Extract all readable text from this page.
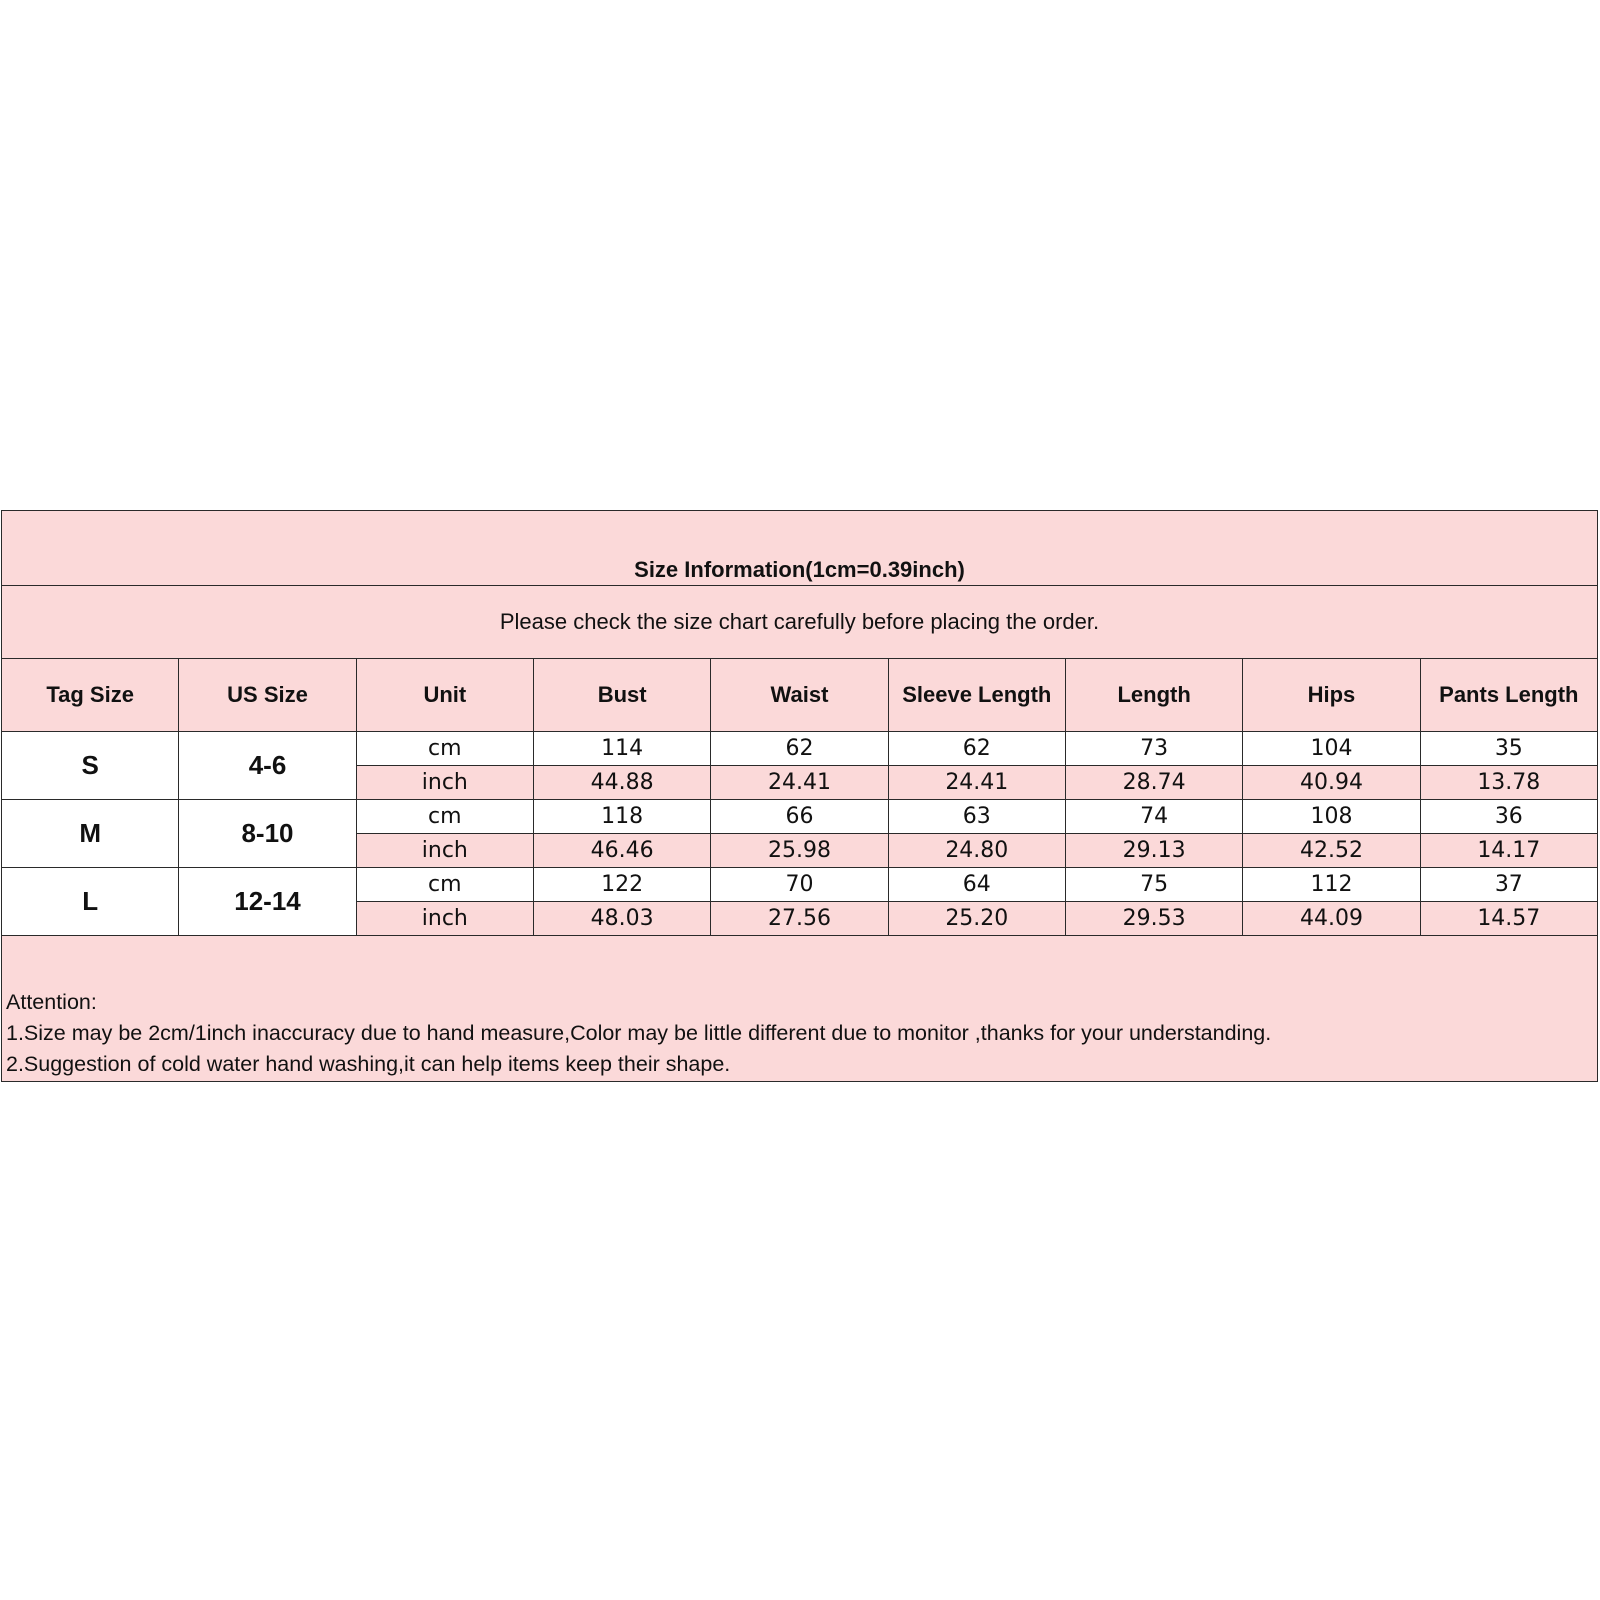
Size Information(1cm=0.39inch)								
Please check the size chart carefully before placing the order.								
Tag Size	US Size	Unit	Bust	Waist	Sleeve Length	Length	Hips	Pants Length
S	4-6	cm	114	62	62	73	104	35
		inch	44.88	24.41	24.41	28.74	40.94	13.78
M	8-10	cm	118	66	63	74	108	36
		inch	46.46	25.98	24.80	29.13	42.52	14.17
L	12-14	cm	122	70	64	75	112	37
		inch	48.03	27.56	25.20	29.53	44.09	14.57

Attention:
1.Size may be 2cm/1inch inaccuracy due to hand measure,Color may be little different due to monitor ,thanks for your understanding.
2.Suggestion of cold water hand washing,it can help items keep their shape.								
